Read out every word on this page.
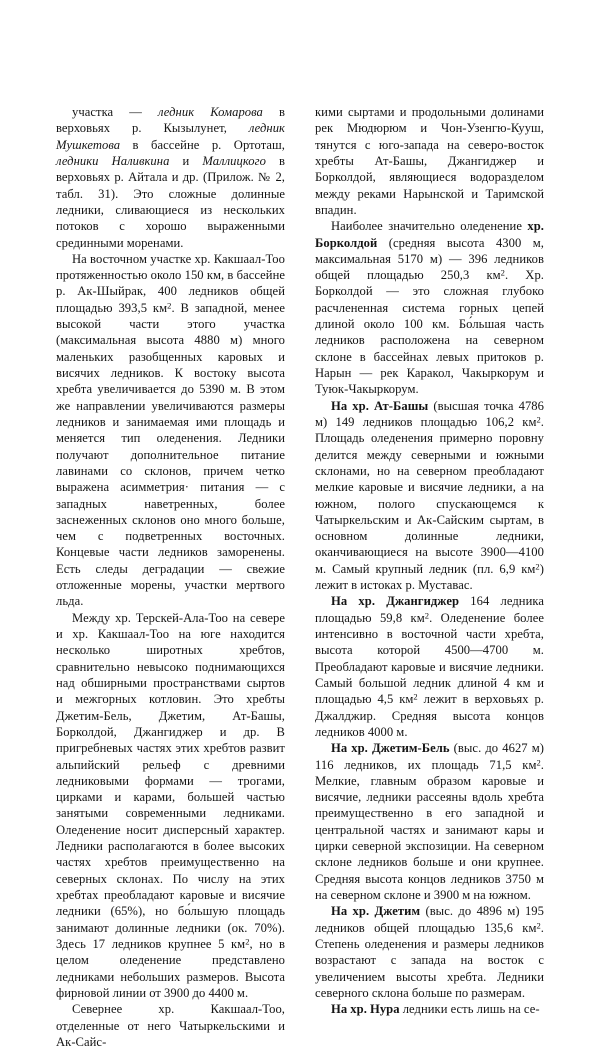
участка — ледник Комарова в верховьях р. Кызылунет, ледник Мушкетова в бассейне р. Ортоташ, ледники Наливкина и Маллицкого в верховьях р. Айтала и др. (Прилож. № 2, табл. 31). Это сложные долинные ледники, сливающиеся из нескольких потоков с хорошо выраженными срединными моренами.

На восточном участке хр. Какшаал-Тоо протяженностью около 150 км, в бассейне р. Ак-Шыйрак, 400 ледников общей площадью 393,5 $км^2$. В западной, менее высокой части этого участка (максимальная высота 4880 м) много маленьких разобщенных каровых и висячих ледников. К востоку высота хребта увеличивается до 5390 м. В этом же направлении увеличиваются размеры ледников и занимаемая ими площадь и меняется тип оледенения. Ледники получают дополнительное питание лавинами со склонов, причем четко выражена асимметрия· питания — с западных наветренных, более заснеженных склонов оно много больше, чем с подветренных восточных. Концевые части ледников заморенены. Есть следы деградации — свежие отложенные морены, участки мертвого льда.

Между хр. Терскей-Ала-Тоо на севере и хр. Какшаал-Тоо на юге находится несколько широтных хребтов, сравнительно невысоко поднимающихся над обширными пространствами сыртов и межгорных котловин. Это хребты Джетим-Бель, Джетим, Ат-Башы, Борколдой, Джангиджер и др. В пригребневых частях этих хребтов развит альпийский рельеф с древними ледниковыми формами — трогами, цирками и карами, большей частью занятыми современными ледниками. Оледенение носит дисперсный характер. Ледники располагаются в более высоких частях хребтов преимущественно на северных склонах. По числу на этих хребтах преобладают каровые и висячие ледники (65%), но бо́льшую площадь занимают долинные ледники (ок. 70%). Здесь 17 ледников крупнее 5 $км^2$, но в целом оледенение представлено ледниками небольших размеров. Высота фирновой линии от 3900 до 4400 м.

Севернее хр. Какшаал-Тоо, отделенные от него Чатыркельскими и Ак-Сайс-

кими сыртами и продольными долинами рек Мюдюрюм и Чон-Узенгю-Кууш, тянутся с юго-запада на северо-восток хребты Ат-Башы, Джангиджер и Борколдой, являющиеся водоразделом между реками Нарынской и Таримской впадин.

Наиболее значительно оледенение хр. Борколдой (средняя высота 4300 м, максимальная 5170 м) — 396 ледников общей площадью 250,3 $км^2$. Хр. Борколдой — это сложная глубоко расчлененная система горных цепей длиной около 100 км. Бо́льшая часть ледников расположена на северном склоне в бассейнах левых притоков р. Нарын — рек Каракол, Чакыркорум и Туюк-Чакыркорум.

На хр. Ат-Башы (высшая точка 4786 м) 149 ледников площадью 106,2 $км^2$. Площадь оледенения примерно поровну делится между северными и южными склонами, но на северном преобладают мелкие каровые и висячие ледники, а на южном, полого спускающемся к Чатыркельским и Ак-Сайским сыртам, в основном долинные ледники, оканчивающиеся на высоте 3900—4100 м. Самый крупный ледник (пл. 6,9 $км^2$) лежит в истоках р. Муставас.

На хр. Джангиджер 164 ледника площадью 59,8 $км^2$. Оледенение более интенсивно в восточной части хребта, высота которой 4500—4700 м. Преобладают каровые и висячие ледники. Самый большой ледник длиной 4 км и площадью 4,5 $км^2$ лежит в верховьях р. Джалджир. Средняя высота концов ледников 4000 м.

На хр. Джетим-Бель (выс. до 4627 м) 116 ледников, их площадь 71,5 $км^2$. Мелкие, главным образом каровые и висячие, ледники рассеяны вдоль хребта преимущественно в его западной и центральной частях и занимают кары и цирки северной экспозиции. На северном склоне ледников больше и они крупнее. Средняя высота концов ледников 3750 м на северном склоне и 3900 м на южном.

На хр. Джетим (выс. до 4896 м) 195 ледников общей площадью 135,6 $км^2$. Степень оледенения и размеры ледников возрастают с запада на восток с увеличением высоты хребта. Ледники северного склона больше по размерам.

На хр. Нура ледники есть лишь на се-
